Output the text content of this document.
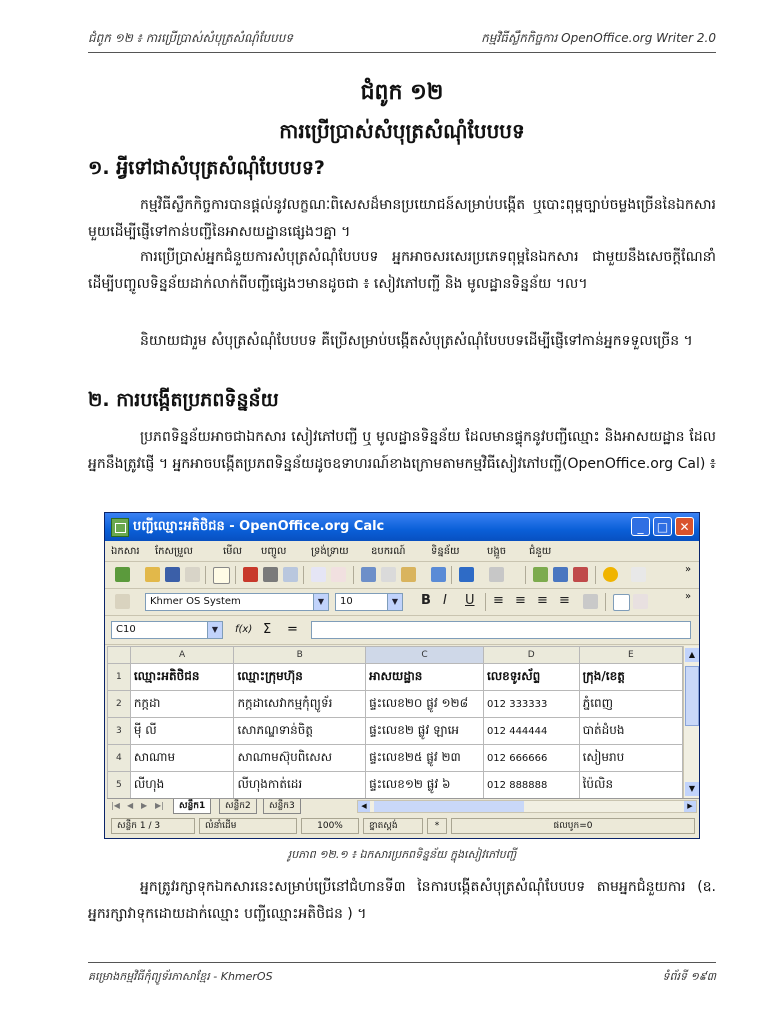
ជំពូក ១២ ៖ ការប្រើប្រាស់សំបុត្រសំណុំបែបបទ	កម្មវិធីស្លឹកកិច្ចការ OpenOffice.org Writer 2.0
ជំពូក ១២
ការប្រើប្រាស់សំបុត្រសំណុំបែបបទ
១. អ្វីទៅជាសំបុត្រសំណុំបែបបទ?
កម្មវិធីស្លឹកកិច្ចការបានផ្ដល់នូវលក្ខណៈពិសេសដ៏មានប្រយោជន៍សម្រាប់បង្កើត ឬបោះពុម្ពច្បាប់ចម្លងច្រើននៃឯកសារមួយដើម្បីផ្ញើទៅកាន់បញ្ជីនៃអាសយដ្ឋានផ្សេងៗគ្នា ។
ការប្រើប្រាស់អ្នកជំនួយការសំបុត្រសំណុំបែបបទ អ្នកអាចសរសេរប្រភេទពុម្ពនៃឯកសារ ជាមួយនឹងសេចក្ដីណែនាំដើម្បីបញ្ចូលទិន្នន័យដាក់លាក់ពីបញ្ជីផ្សេងៗមានដូចជា ៖ សៀវភៅបញ្ជី និង មូលដ្ឋានទិន្នន័យ ។ល។
និយាយជារួម សំបុត្រសំណុំបែបបទ គឺប្រើសម្រាប់បង្កើតសំបុត្រសំណុំបែបបទដើម្បីផ្ញើទៅកាន់អ្នកទទួលច្រើន ។
២. ការបង្កើតប្រភពទិន្នន័យ
ប្រភពទិន្នន័យអាចជាឯកសារ សៀវភៅបញ្ជី ឬ មូលដ្ឋានទិន្នន័យ ដែលមានផ្ទុកនូវបញ្ជីឈ្មោះ និងអាសយដ្ឋាន ដែលអ្នកនឹងត្រូវផ្ញើ ។ អ្នកអាចបង្កើតប្រភពទិន្នន័យដូចឧទាហរណ៍ខាងក្រោមតាមកម្មវិធីសៀវភៅបញ្ជី(OpenOffice.org Cal) ៖
បញ្ជីឈ្មោះអតិថិជន - OpenOffice.org Calc	_	□ ✕
ឯកសារ កែសម្រួល	មើល បញ្ចូល ទ្រង់ទ្រាយ ឧបករណ៍	ទិន្នន័យ	បង្អួច ជំនួយ
»
Khmer OS System	▼	10	▼	B I U ≡ ≡ ≡ ≡	»
C10	▼	f(x) Σ =
	A	B	C	D	E
1	ឈ្មោះអតិថិជន	ឈ្មោះក្រុមហ៊ុន	អាសយដ្ឋាន	លេខទូរស័ព្ទ	ក្រុង/ខេត្ត
2	កក្កដា	កក្កដាសេវាកម្មកុំព្យូទ័រ	ផ្ទះលេខ២០ ផ្លូវ ១២៨	012 333333	ភ្នំពេញ
3	ម៉ី លី	សោភណ្ឌទាន់ចិត្ត	ផ្ទះលេខ២ ផ្លូវ ឡាអេ	012 444444	បាត់ដំបង
4	សាណាម	សាណាមស៊ុបពិសេស	ផ្ទះលេខ២៥ ផ្លូវ ២៣	012 666666	សៀមរាប
5	លីហុង	លីហុងកាត់ដេរ	ផ្ទះលេខ១២ ផ្លូវ ៦	012 888888	ប៉ៃលិន
▲
▼
|◀ ◀ ▶ ▶|	សន្លឹក1	សន្លឹក2	សន្លឹក3	◀	▶
សន្លឹក 1 / 3	លំនាំដើម	100%	ខ្នាតស្តង់	*	ផលបូក=0
រូបភាព ១២.១ ៖ ឯកសារប្រភពទិន្នន័យ ក្នុងសៀវភៅបញ្ជី
អ្នកត្រូវរក្សាទុកឯកសារនេះសម្រាប់ប្រើនៅជំហានទី៣ នៃការបង្កើតសំបុត្រសំណុំបែបបទ តាមអ្នកជំនួយការ (ឧ. អ្នករក្សាវាទុកដោយដាក់ឈ្មោះ បញ្ជីឈ្មោះអតិថិជន ) ។
គម្រោងកម្មវិធីកុំព្យូទ័រភាសាខ្មែរ - KhmerOS	ទំព័រទី ១៩៣
